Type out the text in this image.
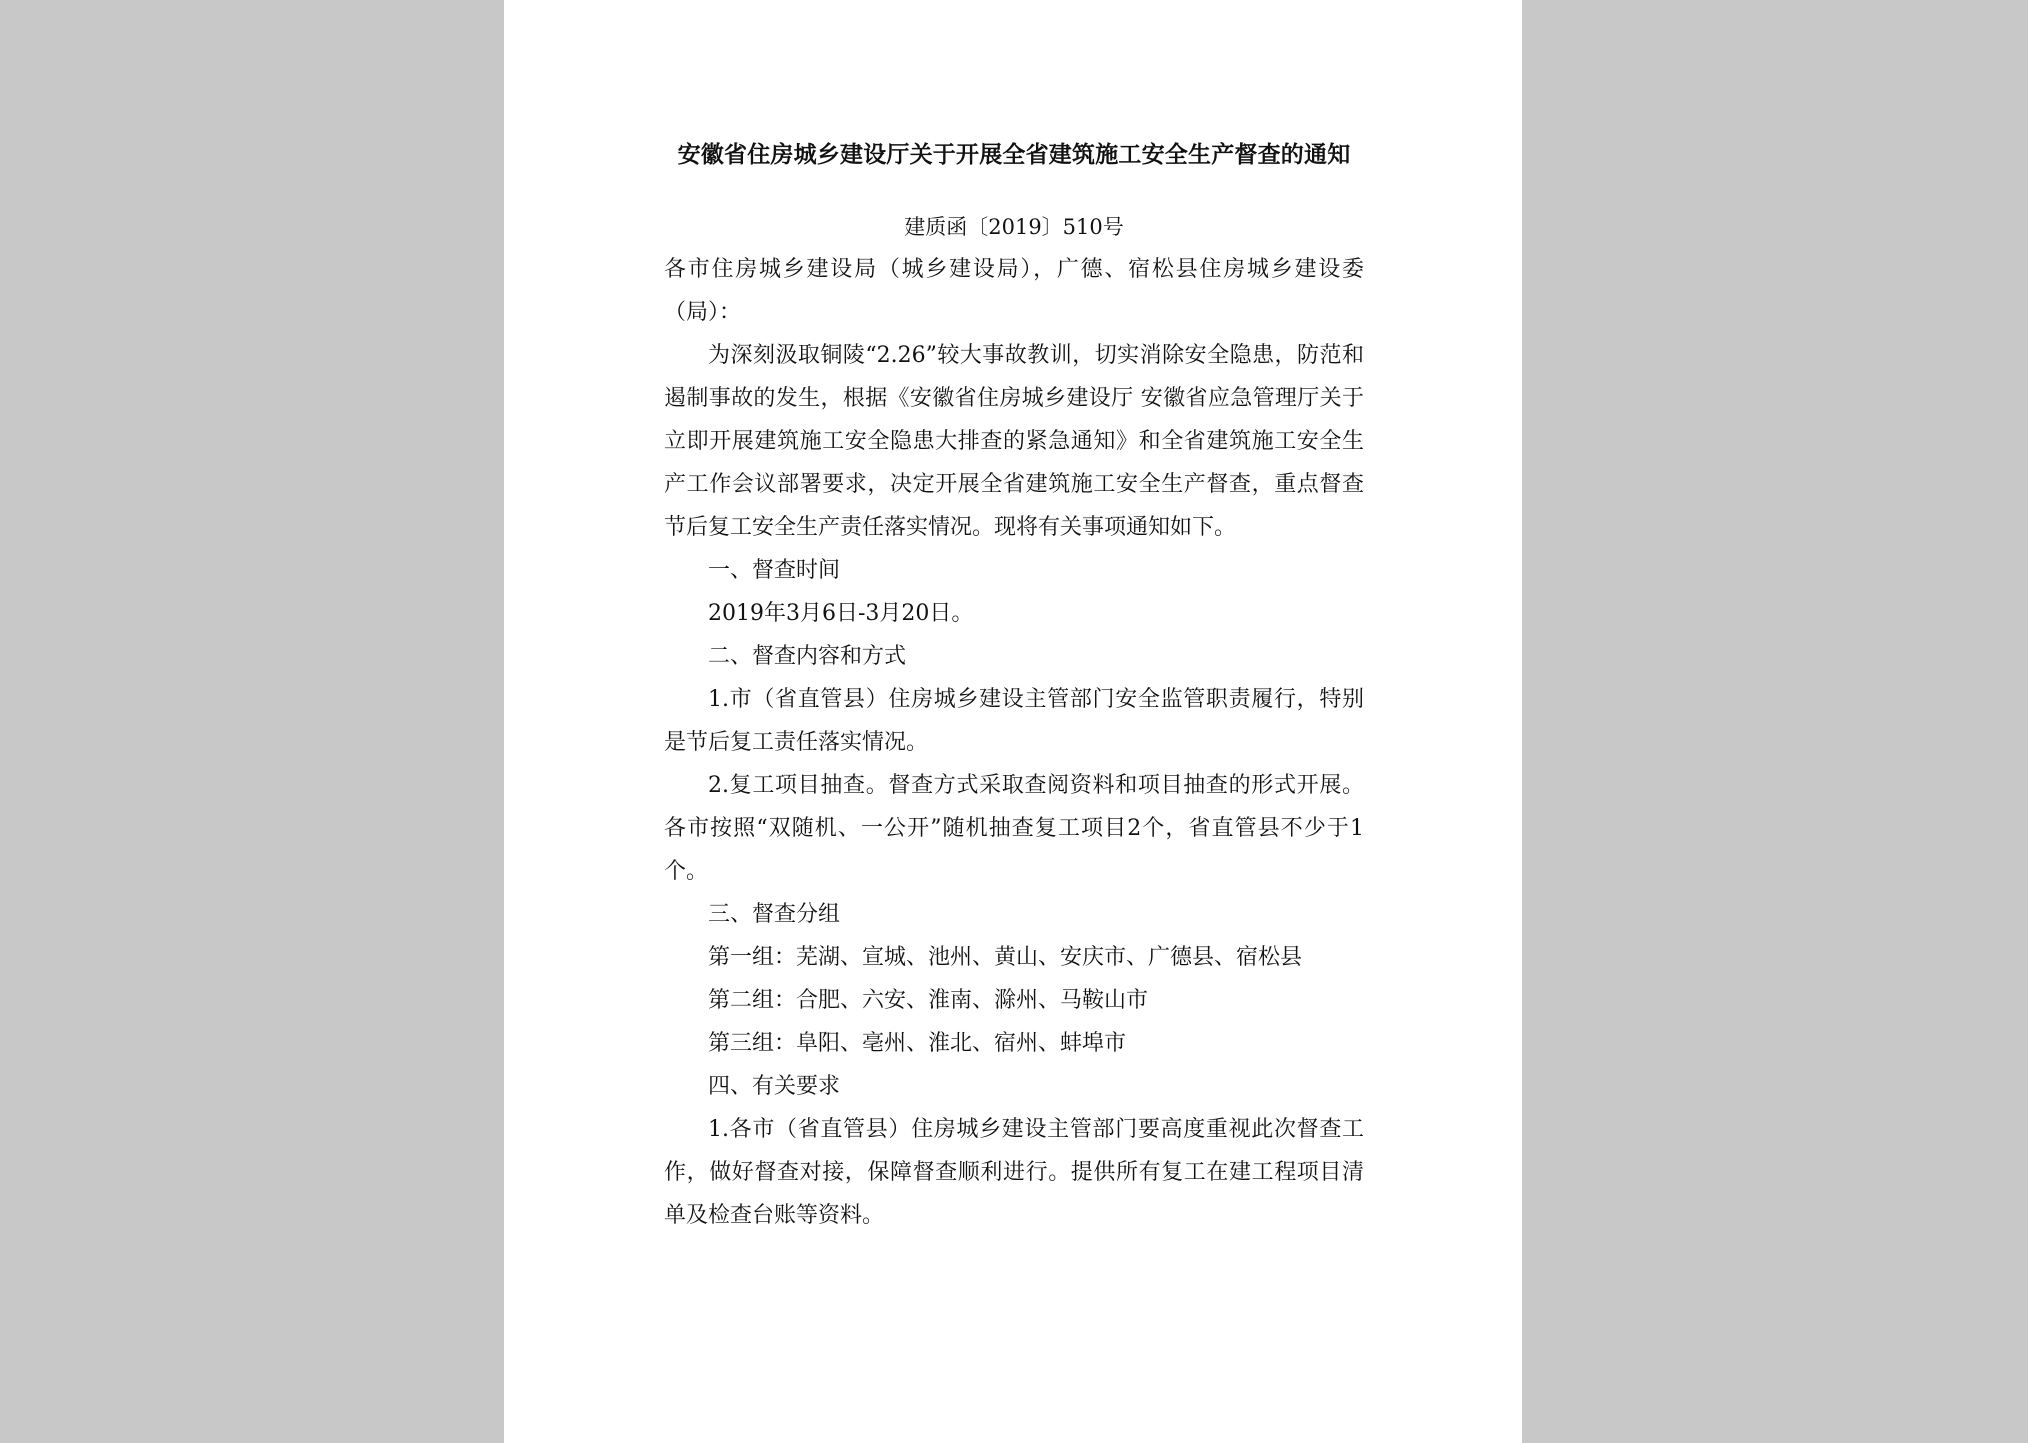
安徽省住房城乡建设厅关于开展全省建筑施工安全生产督查的通知

建质函〔2019〕510号

各市住房城乡建设局（城乡建设局），广德、宿松县住房城乡建设委（局）：

为深刻汲取铜陵“2.26”较大事故教训，切实消除安全隐患，防范和遏制事故的发生，根据《安徽省住房城乡建设厅 安徽省应急管理厅关于立即开展建筑施工安全隐患大排查的紧急通知》和全省建筑施工安全生产工作会议部署要求，决定开展全省建筑施工安全生产督查，重点督查节后复工安全生产责任落实情况。现将有关事项通知如下。

一、督查时间

2019年3月6日-3月20日。

二、督查内容和方式

1.市（省直管县）住房城乡建设主管部门安全监管职责履行，特别是节后复工责任落实情况。

2.复工项目抽查。督查方式采取查阅资料和项目抽查的形式开展。各市按照“双随机、一公开”随机抽查复工项目2个，省直管县不少于1个。

三、督查分组

第一组：芜湖、宣城、池州、黄山、安庆市、广德县、宿松县

第二组：合肥、六安、淮南、滁州、马鞍山市

第三组：阜阳、亳州、淮北、宿州、蚌埠市

四、有关要求

1.各市（省直管县）住房城乡建设主管部门要高度重视此次督查工作，做好督查对接，保障督查顺利进行。提供所有复工在建工程项目清单及检查台账等资料。
